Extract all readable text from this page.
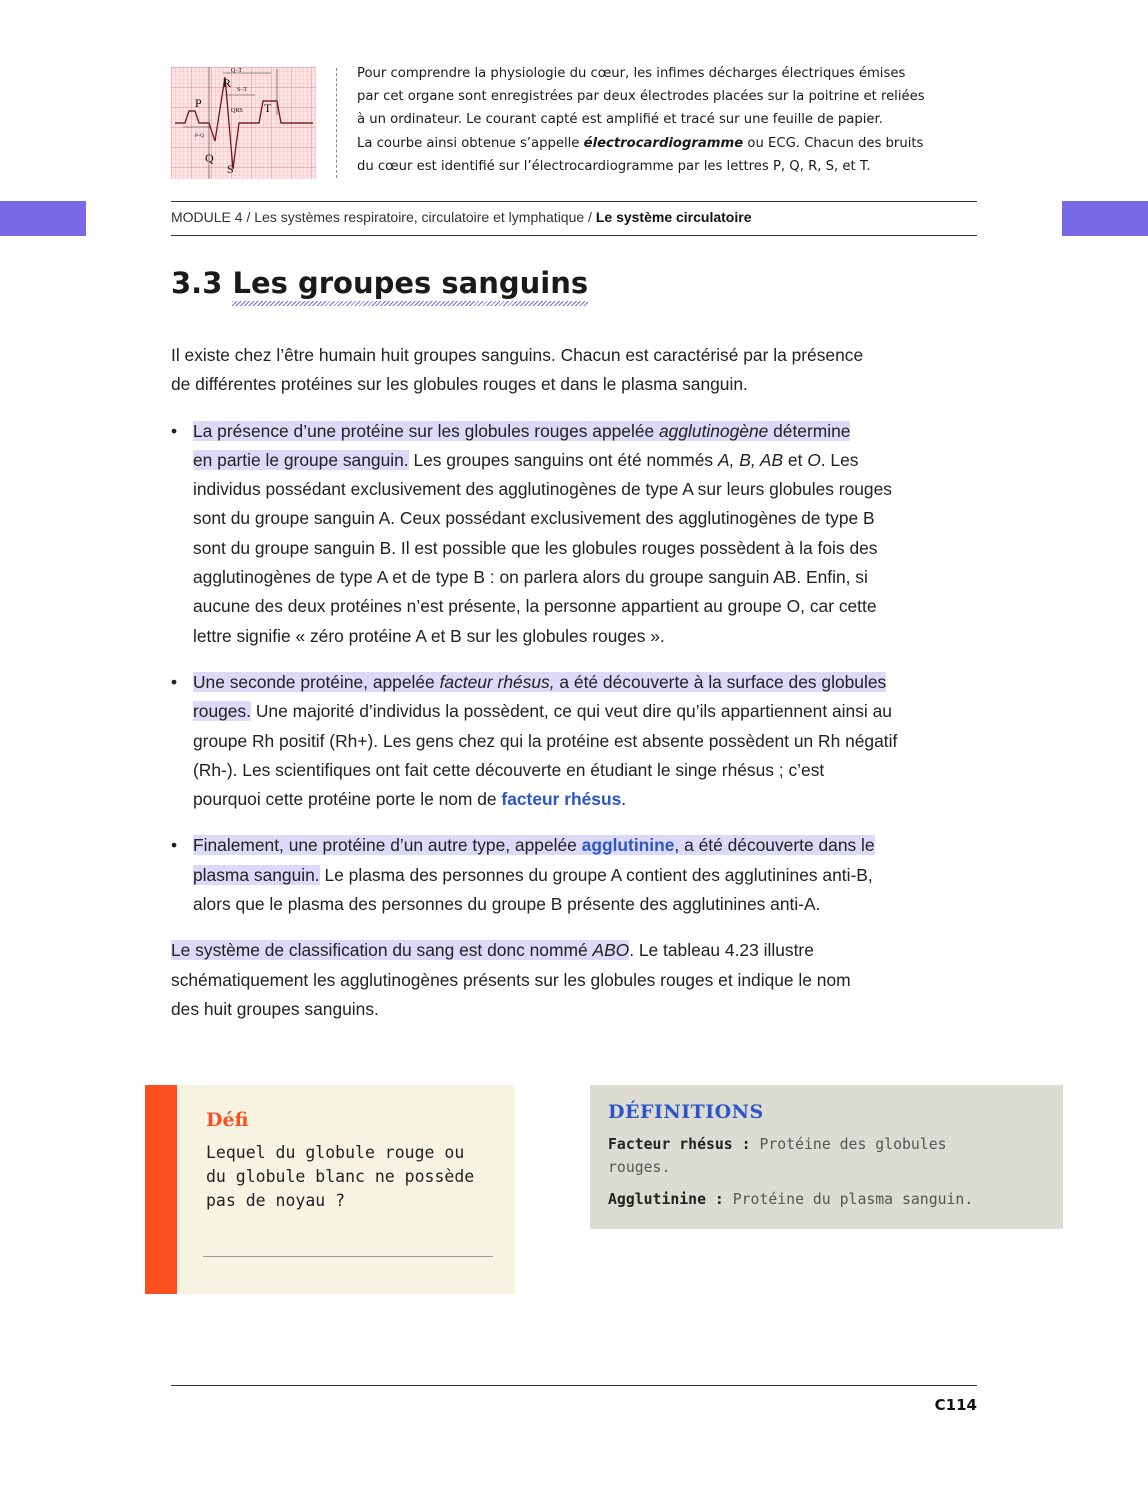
P
Q
R
S
T
QRS
S–T
Q–T
P–Q

Pour comprendre la physiologie du cœur, les infimes décharges électriques émises

par cet organe sont enregistrées par deux électrodes placées sur la poitrine et reliées

à un ordinateur. Le courant capté est amplifié et tracé sur une feuille de papier.

La courbe ainsi obtenue s’appelle électrocardiogramme ou ECG. Chacun des bruits

du cœur est identifié sur l’électrocardiogramme par les lettres P, Q, R, S, et T.

MODULE 4 / Les systèmes respiratoire, circulatoire et lymphatique / Le système circulatoire
3.3 Les groupes sanguins

Il existe chez l’être humain huit groupes sanguins. Chacun est caractérisé par la présence

de différentes protéines sur les globules rouges et dans le plasma sanguin.

• La présence d’une protéine sur les globules rouges appelée agglutinogène détermine

en partie le groupe sanguin. Les groupes sanguins ont été nommés A, B, AB et O. Les

individus possédant exclusivement des agglutinogènes de type A sur leurs globules rouges

sont du groupe sanguin A. Ceux possédant exclusivement des agglutinogènes de type B

sont du groupe sanguin B. Il est possible que les globules rouges possèdent à la fois des

agglutinogènes de type A et de type B : on parlera alors du groupe sanguin AB. Enfin, si

aucune des deux protéines n’est présente, la personne appartient au groupe O, car cette

lettre signifie « zéro protéine A et B sur les globules rouges ».

• Une seconde protéine, appelée facteur rhésus, a été découverte à la surface des globules

rouges. Une majorité d’individus la possèdent, ce qui veut dire qu’ils appartiennent ainsi au

groupe Rh positif (Rh+). Les gens chez qui la protéine est absente possèdent un Rh négatif

(Rh-). Les scientifiques ont fait cette découverte en étudiant le singe rhésus ; c’est

pourquoi cette protéine porte le nom de facteur rhésus.

• Finalement, une protéine d’un autre type, appelée agglutinine, a été découverte dans le

plasma sanguin. Le plasma des personnes du groupe A contient des agglutinines anti-B,

alors que le plasma des personnes du groupe B présente des agglutinines anti-A.

Le système de classification du sang est donc nommé ABO. Le tableau 4.23 illustre

schématiquement les agglutinogènes présents sur les globules rouges et indique le nom

des huit groupes sanguins.

Défi

Lequel du globule rouge ou

du globule blanc ne possède

pas de noyau ?

DÉFINITIONS

Facteur rhésus : Protéine des globules

rouges.

Agglutinine : Protéine du plasma sanguin.

C114
